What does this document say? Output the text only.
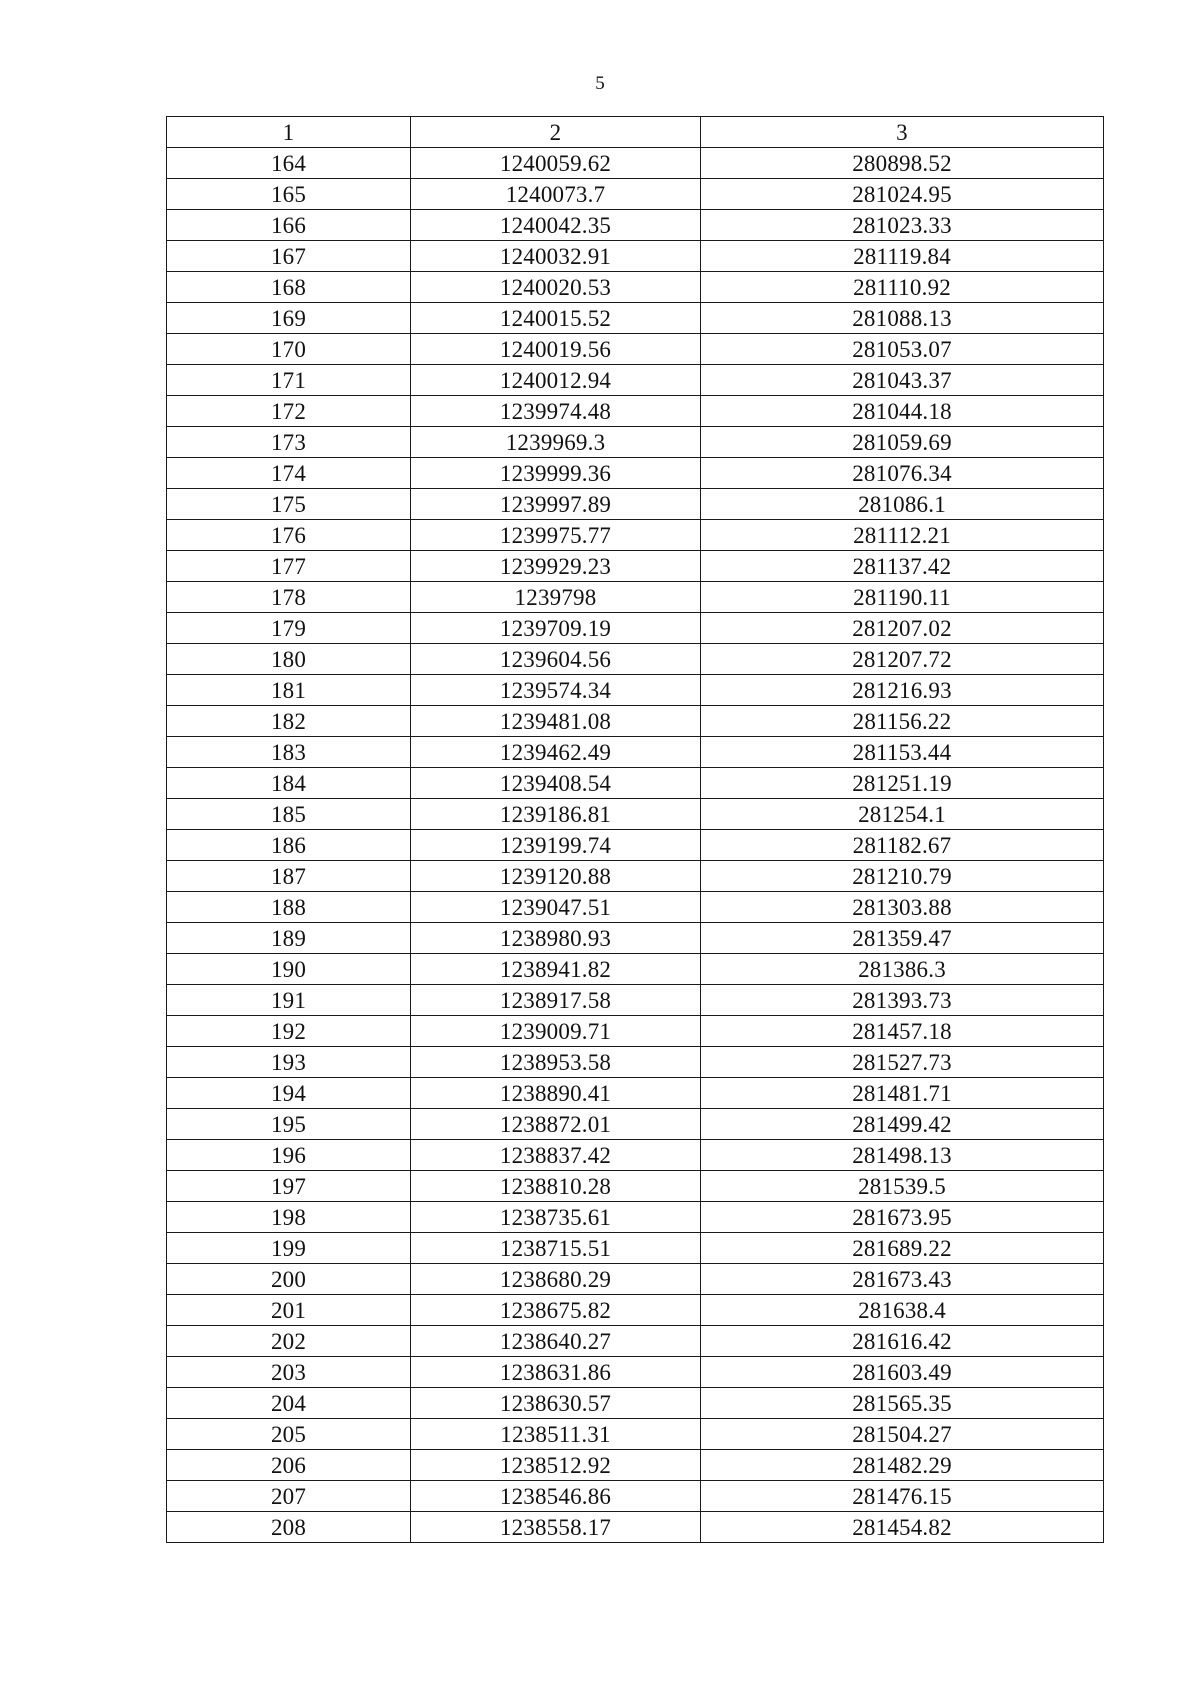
5
1	2	3
164	1240059.62	280898.52
165	1240073.7	281024.95
166	1240042.35	281023.33
167	1240032.91	281119.84
168	1240020.53	281110.92
169	1240015.52	281088.13
170	1240019.56	281053.07
171	1240012.94	281043.37
172	1239974.48	281044.18
173	1239969.3	281059.69
174	1239999.36	281076.34
175	1239997.89	281086.1
176	1239975.77	281112.21
177	1239929.23	281137.42
178	1239798	281190.11
179	1239709.19	281207.02
180	1239604.56	281207.72
181	1239574.34	281216.93
182	1239481.08	281156.22
183	1239462.49	281153.44
184	1239408.54	281251.19
185	1239186.81	281254.1
186	1239199.74	281182.67
187	1239120.88	281210.79
188	1239047.51	281303.88
189	1238980.93	281359.47
190	1238941.82	281386.3
191	1238917.58	281393.73
192	1239009.71	281457.18
193	1238953.58	281527.73
194	1238890.41	281481.71
195	1238872.01	281499.42
196	1238837.42	281498.13
197	1238810.28	281539.5
198	1238735.61	281673.95
199	1238715.51	281689.22
200	1238680.29	281673.43
201	1238675.82	281638.4
202	1238640.27	281616.42
203	1238631.86	281603.49
204	1238630.57	281565.35
205	1238511.31	281504.27
206	1238512.92	281482.29
207	1238546.86	281476.15
208	1238558.17	281454.82
